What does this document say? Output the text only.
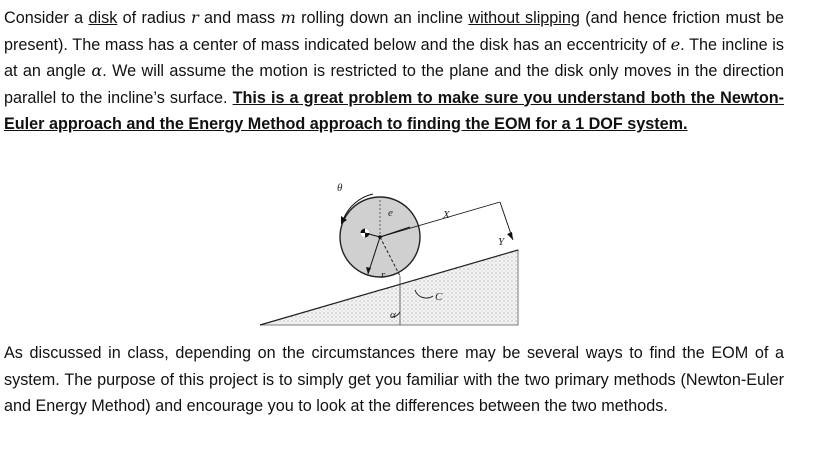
Consider a disk of radius r and mass m rolling down an incline without slipping (and hence friction must be present). The mass has a center of mass indicated below and the disk has an eccentricity of e. The incline is at an angle α. We will assume the motion is restricted to the plane and the disk only moves in the direction parallel to the incline’s surface. This is a great problem to make sure you understand both the Newton-Euler approach and the Energy Method approach to finding the EOM for a 1 DOF system.

θ
e	X
Y
r
C
α

As discussed in class, depending on the circumstances there may be several ways to find the EOM of a system. The purpose of this project is to simply get you familiar with the two primary methods (Newton-Euler and Energy Method) and encourage you to look at the differences between the two methods.
